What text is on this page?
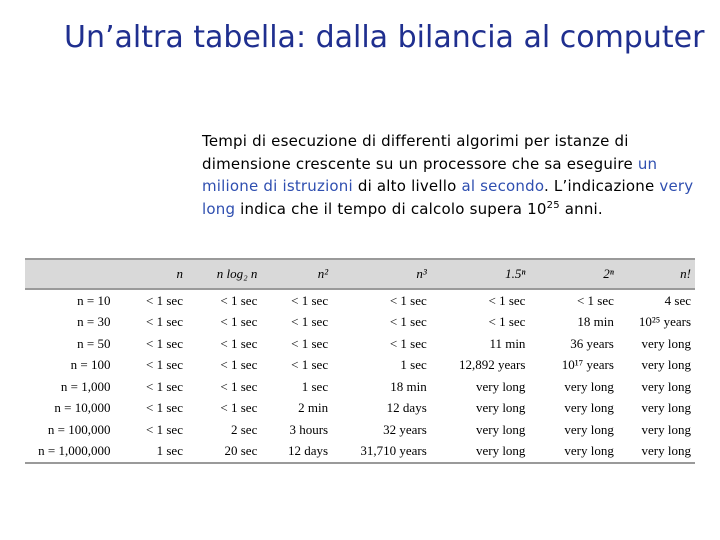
Un’altra tabella: dalla bilancia al computer
Tempi di esecuzione di differenti algorimi per istanze di dimensione crescente su un processore che sa eseguire un milione di istruzioni di alto livello al secondo. L’indicazione very long indica che il tempo di calcolo supera $10^{25}$ anni.
	n	n log₂ n	n²	n³	1.5ⁿ	2ⁿ	n!
n = 10	< 1 sec	< 1 sec	< 1 sec	< 1 sec	< 1 sec	< 1 sec	4 sec
n = 30	< 1 sec	< 1 sec	< 1 sec	< 1 sec	< 1 sec	18 min	10²⁵ years
n = 50	< 1 sec	< 1 sec	< 1 sec	< 1 sec	11 min	36 years	very long
n = 100	< 1 sec	< 1 sec	< 1 sec	1 sec	12,892 years	10¹⁷ years	very long
n = 1,000	< 1 sec	< 1 sec	1 sec	18 min	very long	very long	very long
n = 10,000	< 1 sec	< 1 sec	2 min	12 days	very long	very long	very long
n = 100,000	< 1 sec	2 sec	3 hours	32 years	very long	very long	very long
n = 1,000,000	1 sec	20 sec	12 days	31,710 years	very long	very long	very long
